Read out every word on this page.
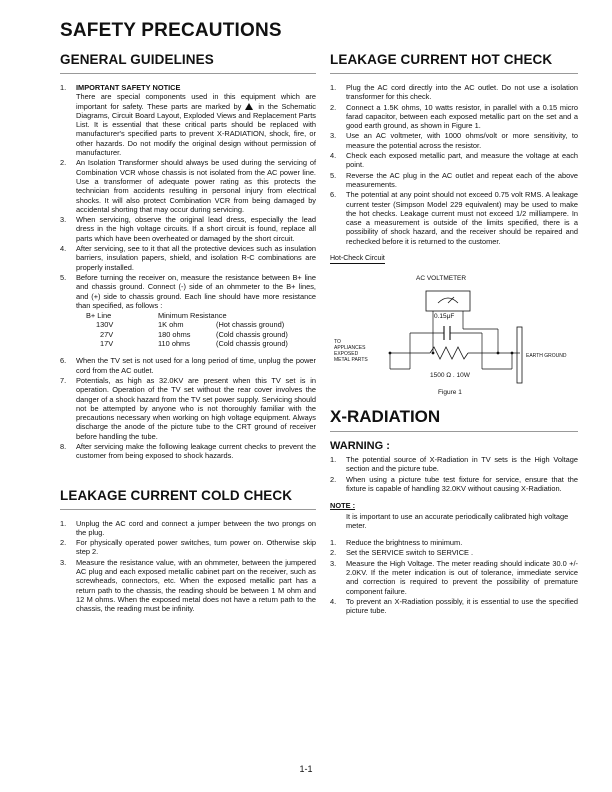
SAFETY PRECAUTIONS
GENERAL GUIDELINES
1. IMPORTANT SAFETY NOTICE
There are special components used in this equipment which are important for safety. These parts are marked by in the Schematic Diagrams, Circuit Board Layout, Exploded Views and Replacement Parts List. It is essential that these critical parts should be replaced with manufacturer's specified parts to prevent X-RADIATION, shock, fire, or other hazards. Do not modify the original design without permission of manufacturer.
2. An Isolation Transformer should always be used during the servicing of Combination VCR whose chassis is not isolated from the AC power line. Use a transformer of adequate power rating as this protects the technician from accidents resulting in personal injury from electrical shocks. It will also protect Combination VCR from being damaged by accidental shorting that may occur during servicing.
3. When servicing, observe the original lead dress, especially the lead dress in the high voltage circuits. If a short circuit is found, replace all parts which have been overheated or damaged by the short circuit.
4. After servicing, see to it that all the protective devices such as insulation barriers, insulation papers, shield, and isolation R-C combinations are properly installed.
5. Before turning the receiver on, measure the resistance between B+ line and chassis ground. Connect (-) side of an ohmmeter to the B+ lines, and (+) side to chassis ground. Each line should have more resistance than specified, as follows :
B+ Line	Minimum Resistance	
130V	1K ohm	(Hot chassis ground)
27V	180 ohms	(Cold chassis ground)
17V	110 ohms	(Cold chassis ground)
6. When the TV set is not used for a long period of time, unplug the power cord from the AC outlet.
7. Potentials, as high as 32.0KV are present when this TV set is in operation. Operation of the TV set without the rear cover involves the danger of a shock hazard from the TV set power supply. Servicing should not be attempted by anyone who is not thoroughly familiar with the precautions necessary when working on high voltage equipment. Always discharge the anode of the picture tube to the CRT ground of receiver before handling the tube.
8. After servicing make the following leakage current checks to prevent the customer from being exposed to shock hazards.
LEAKAGE CURRENT COLD CHECK
1. Unplug the AC cord and connect a jumper between the two prongs on the plug.
2. For physically operated power switches, turn power on. Otherwise skip step 2.
3. Measure the resistance value, with an ohmmeter, between the jumpered AC plug and each exposed metallic cabinet part on the receiver, such as screwheads, connectors, etc. When the exposed metallic part has a return path to the chassis, the reading should be between 1 M ohm and 12 M ohms. When the exposed metal does not have a return path to the chassis, the reading must be infinity.
LEAKAGE CURRENT HOT CHECK
1. Plug the AC cord directly into the AC outlet. Do not use a isolation transformer for this check.
2. Connect a 1.5K ohms, 10 watts resistor, in parallel with a 0.15 micro farad capacitor, between each exposed metallic part on the set and a good earth ground, as shown in Figure 1.
3. Use an AC voltmeter, with 1000 ohms/volt or more sensitivity, to measure the potential across the resistor.
4. Check each exposed metallic part, and measure the voltage at each point.
5. Reverse the AC plug in the AC outlet and repeat each of the above measurements.
6. The potential at any point should not exceed 0.75 volt RMS. A leakage current tester (Simpson Model 229 equivalent) may be used to make the hot checks. Leakage current must not exceed 1/2 milliampere. In case a measurement is outside of the limits specified, there is a possibility of shock hazard, and the receiver should be repaired and rechecked before it is returned to the customer.
Hot-Check Circuit
AC VOLTMETER
0.15μF
TO
APPLIANCES
EXPOSED
METAL PARTS
EARTH GROUND
1500 Ω . 10W
Figure 1
X-RADIATION
WARNING :
1. The potential source of X-Radiation in TV sets is the High Voltage section and the picture tube.
2. When using a picture tube test fixture for service, ensure that the fixture is capable of handling 32.0KV without causing X-Radiation.
NOTE :
It is important to use an accurate periodically calibrated high voltage meter.
1. Reduce the brightness to minimum.
2. Set the SERVICE switch to SERVICE .
3. Measure the High Voltage. The meter reading should indicate 30.0 +/- 2.0KV. If the meter indication is out of tolerance, immediate service and correction is required to prevent the possibility of premature component failure.
4. To prevent an X-Radiation possibly, it is essential to use the specified picture tube.
1-1
